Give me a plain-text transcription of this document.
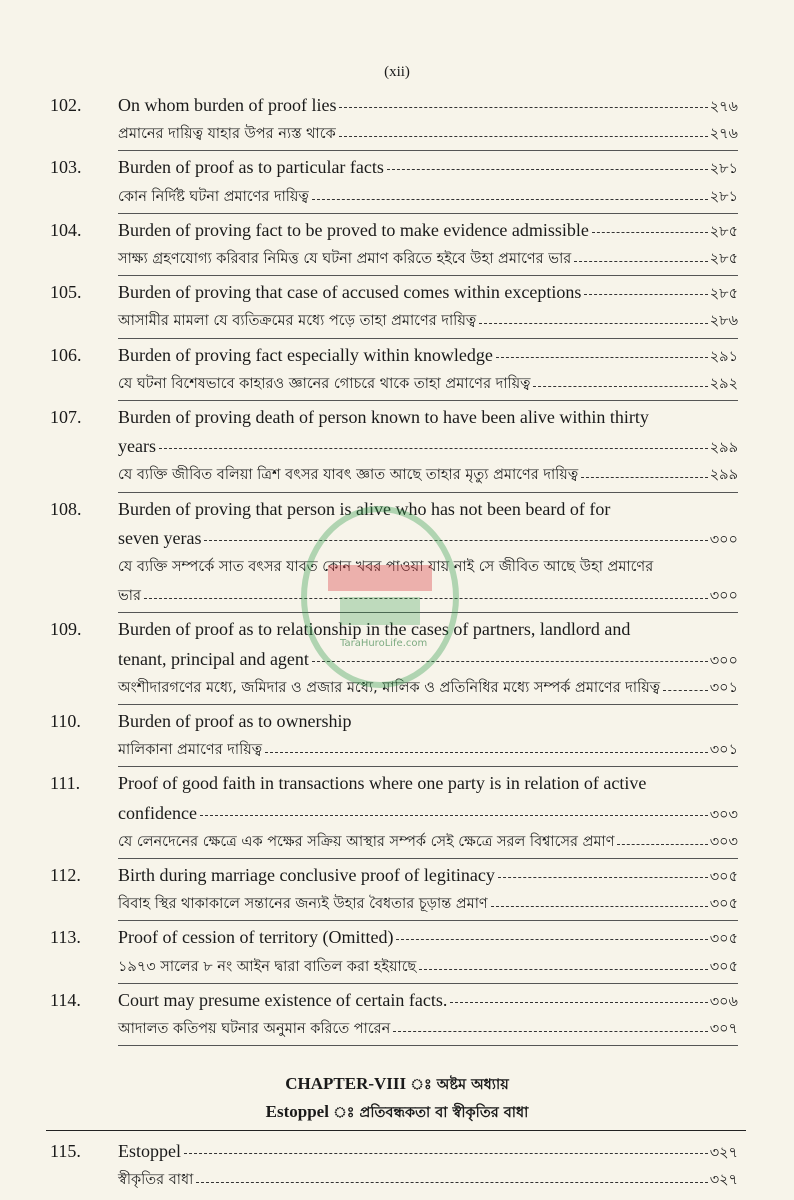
(xii)
102.	On whom burden of proof lies	২৭৬
প্রমানের দায়িত্ব যাহার উপর ন্যস্ত থাকে	২৭৬
103.	Burden of proof as to particular facts	২৮১
কোন নির্দিষ্ট ঘটনা প্রমাণের দায়িত্ব	২৮১
104.	Burden of proving fact to be proved to make evidence admissible	২৮৫
সাক্ষ্য গ্রহণযোগ্য করিবার নিমিত্ত যে ঘটনা প্রমাণ করিতে হইবে উহা প্রমাণের ভার	২৮৫
105.	Burden of proving that case of accused comes within exceptions	২৮৫
আসামীর মামলা যে ব্যতিক্রমের মধ্যে পড়ে তাহা প্রমাণের দায়িত্ব	২৮৬
106.	Burden of proving fact especially within knowledge	২৯১
যে ঘটনা বিশেষভাবে কাহারও জ্ঞানের গোচরে থাকে তাহা প্রমাণের দায়িত্ব	২৯২
107.	Burden of proving death of person known to have been alive within thirty
years	২৯৯
যে ব্যক্তি জীবিত বলিয়া ত্রিশ বৎসর যাবৎ জ্ঞাত আছে তাহার মৃত্যু প্রমাণের দায়িত্ব	২৯৯
108.	Burden of proving that person is alive who has not been beard of for
seven yeras	৩০০
যে ব্যক্তি সম্পর্কে সাত বৎসর যাবত কোন খবর পাওয়া যায় নাই সে জীবিত আছে উহা প্রমাণের
ভার	৩০০
109.	Burden of proof as to relationship in the cases of partners, landlord and
tenant, principal and agent	৩০০
অংশীদারগণের মধ্যে, জমিদার ও প্রজার মধ্যে, মালিক ও প্রতিনিধির মধ্যে সম্পর্ক প্রমাণের দায়িত্ব	৩০১
110.	Burden of proof as to ownership
মালিকানা প্রমাণের দায়িত্ব	৩০১
111.	Proof of good faith in transactions where one party is in relation of active
confidence	৩০৩
যে লেনদেনের ক্ষেত্রে এক পক্ষের সক্রিয় আস্থার সম্পর্ক সেই ক্ষেত্রে সরল বিশ্বাসের প্রমাণ	৩০৩
112.	Birth during marriage conclusive proof of legitinacy	৩০৫
বিবাহ স্থির থাকাকালে সন্তানের জন্যই উহার বৈধতার চূড়ান্ত প্রমাণ	৩০৫
113.	Proof of cession of territory (Omitted)	৩০৫
১৯৭৩ সালের ৮ নং আইন দ্বারা বাতিল করা হইয়াছে	৩০৫
114.	Court may presume existence of certain facts.	৩০৬
আদালত কতিপয় ঘটনার অনুমান করিতে পারেন	৩০৭
CHAPTER-VIII ঃ অষ্টম অধ্যায়
Estoppel ঃ প্রতিবন্ধকতা বা স্বীকৃতির বাধা
115.	Estoppel	৩২৭
স্বীকৃতির বাধা	৩২৭
TaraHuroLife.com
